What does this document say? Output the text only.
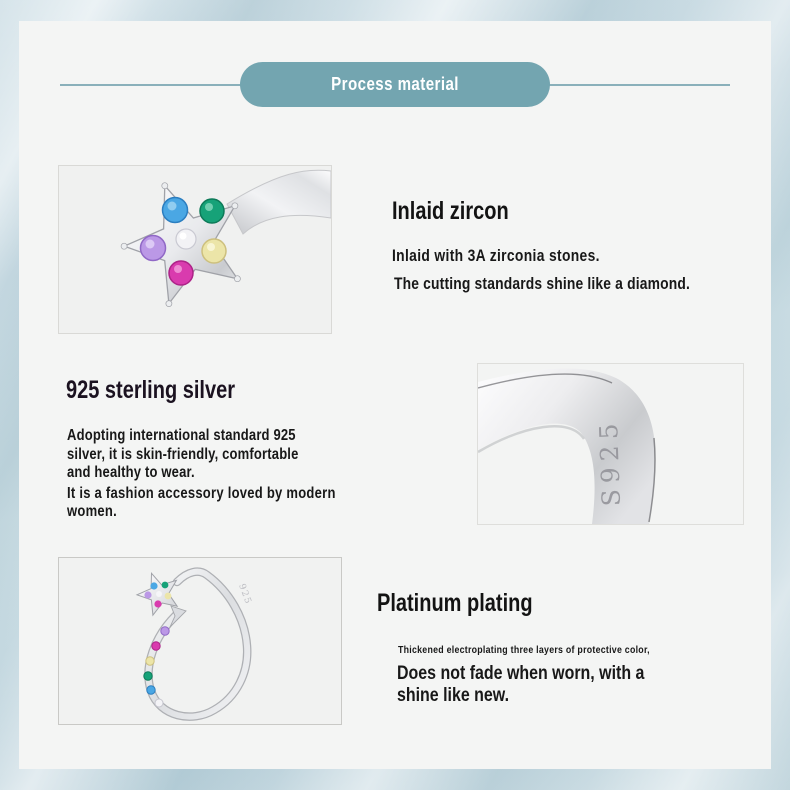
Process material
Inlaid zircon
Inlaid with 3A zirconia stones.
The cutting standards shine like a diamond.
925 sterling silver
Adopting international standard 925
silver, it is skin-friendly, comfortable
and healthy to wear.
It is a fashion accessory loved by modern
women.
S925
925	Platinum plating
Thickened electroplating three layers of protective color,
Does not fade when worn, with a
shine like new.
